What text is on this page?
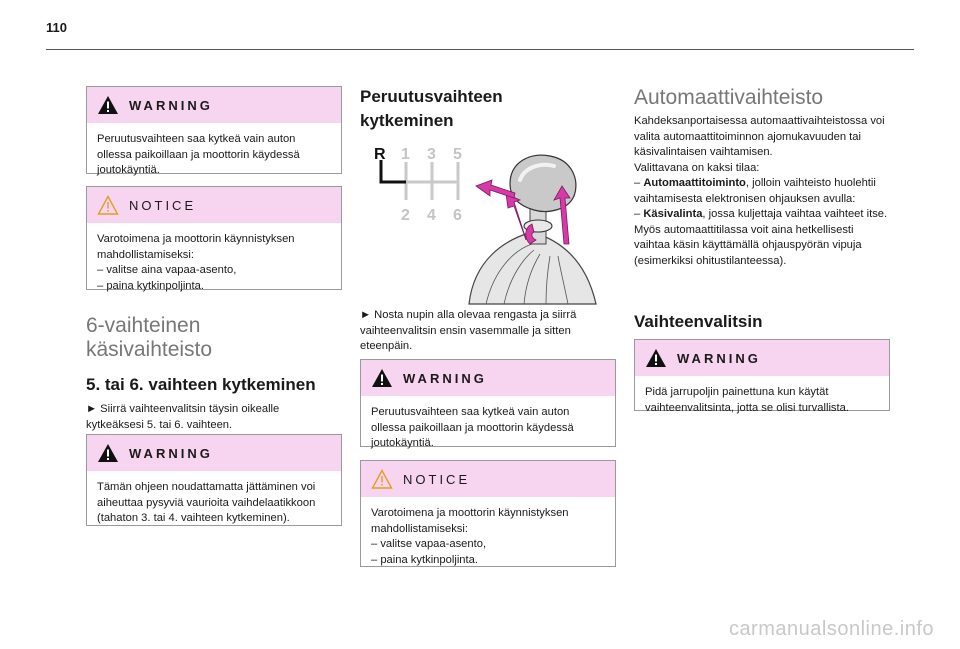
110
WARNING
Peruutusvaihteen saa kytkeä vain auton ollessa paikoillaan ja moottorin käydessä joutokäyntiä.
NOTICE
Varotoimena ja moottorin käynnistyksen mahdollistamiseksi:
– valitse aina vapaa-asento,
– paina kytkinpoljinta.
6-vaihteinen
käsivaihteisto
5. tai 6. vaihteen kytkeminen
► Siirrä vaihteenvalitsin täysin oikealle kytkeäksesi 5. tai 6. vaihteen.
WARNING
Tämän ohjeen noudattamatta jättäminen voi aiheuttaa pysyviä vaurioita vaihdelaatikkoon (tahaton 3. tai 4. vaihteen kytkeminen).
Peruutusvaihteen
kytkeminen
R 1 3 5
2 4 6
► Nosta nupin alla olevaa rengasta ja siirrä vaihteenvalitsin ensin vasemmalle ja sitten eteenpäin.
WARNING
Peruutusvaihteen saa kytkeä vain auton ollessa paikoillaan ja moottorin käydessä joutokäyntiä.
NOTICE
Varotoimena ja moottorin käynnistyksen mahdollistamiseksi:
– valitse vapaa-asento,
– paina kytkinpoljinta.
Automaattivaihteisto
Kahdeksanportaisessa automaattivaihteistossa voi valita automaattitoiminnon ajomukavuuden tai käsivalintaisen vaihtamisen.
Valittavana on kaksi tilaa:
– Automaattitoiminto, jolloin vaihteisto huolehtii vaihtamisesta elektronisen ohjauksen avulla:
– Käsivalinta, jossa kuljettaja vaihtaa vaihteet itse.
Myös automaattitilassa voit aina hetkellisesti vaihtaa käsin käyttämällä ohjauspyörän vipuja (esimerkiksi ohitustilanteessa).
Vaihteenvalitsin
WARNING
Pidä jarrupoljin painettuna kun käytät vaihteenvalitsinta, jotta se olisi turvallista.
carmanualsonline.info
